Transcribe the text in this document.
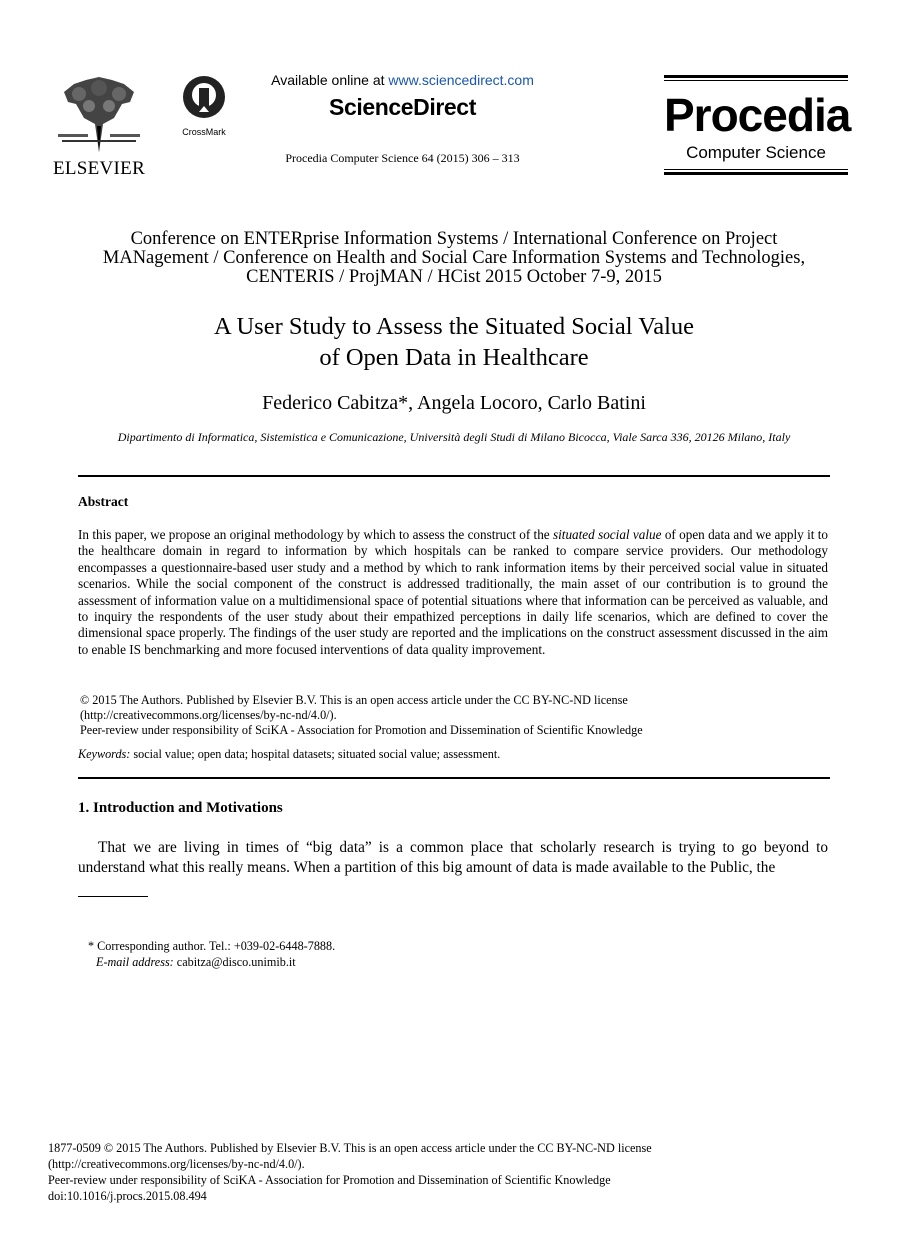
ELSEVIER
CrossMark
Available online at www.sciencedirect.com
ScienceDirect
Procedia Computer Science 64 (2015) 306 – 313
Procedia
Computer Science
Conference on ENTERprise Information Systems / International Conference on Project
MANagement / Conference on Health and Social Care Information Systems and Technologies,
CENTERIS / ProjMAN / HCist 2015 October 7-9, 2015
A User Study to Assess the Situated Social Value
of Open Data in Healthcare
Federico Cabitza*, Angela Locoro, Carlo Batini
Dipartimento di Informatica, Sistemistica e Comunicazione, Università degli Studi di Milano Bicocca, Viale Sarca 336, 20126 Milano, Italy
Abstract
In this paper, we propose an original methodology by which to assess the construct of the situated social value of open data and we apply it to the healthcare domain in regard to information by which hospitals can be ranked to compare service providers. Our methodology encompasses a questionnaire-based user study and a method by which to rank information items by their perceived social value in situated scenarios. While the social component of the construct is addressed traditionally, the main asset of our contribution is to ground the assessment of information value on a multidimensional space of potential situations where that information can be perceived as valuable, and to inquiry the respondents of the user study about their empathized perceptions in daily life scenarios, which are defined to cover the dimensional space properly. The findings of the user study are reported and the implications on the construct assessment discussed in the aim to enable IS benchmarking and more focused interventions of data quality improvement.
© 2015 The Authors. Published by Elsevier B.V. This is an open access article under the CC BY-NC-ND license
(http://creativecommons.org/licenses/by-nc-nd/4.0/).
Peer-review under responsibility of SciKA - Association for Promotion and Dissemination of Scientific Knowledge
Keywords: social value; open data; hospital datasets; situated social value; assessment.
1. Introduction and Motivations
That we are living in times of “big data” is a common place that scholarly research is trying to go beyond to understand what this really means. When a partition of this big amount of data is made available to the Public, the
* Corresponding author. Tel.: +039-02-6448-7888.
E-mail address: cabitza@disco.unimib.it
1877-0509 © 2015 The Authors. Published by Elsevier B.V. This is an open access article under the CC BY-NC-ND license
(http://creativecommons.org/licenses/by-nc-nd/4.0/).
Peer-review under responsibility of SciKA - Association for Promotion and Dissemination of Scientific Knowledge
doi:10.1016/j.procs.2015.08.494
